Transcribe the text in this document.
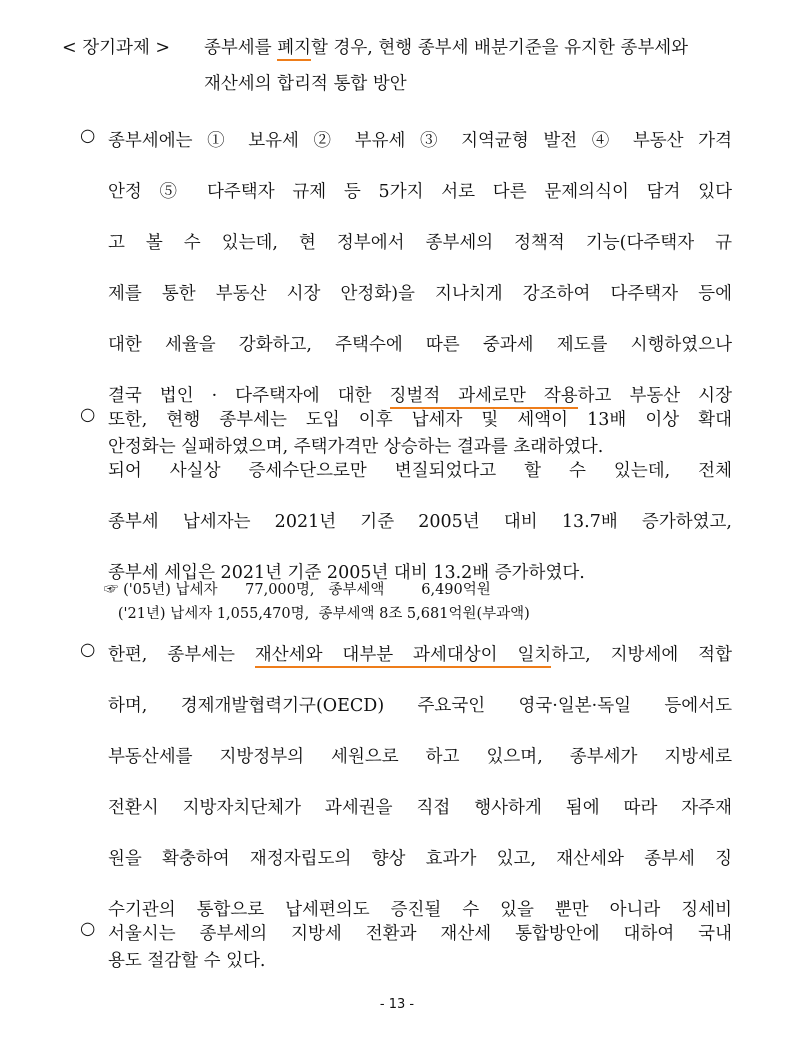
< 장기과제 > 종부세를 폐지할 경우, 현행 종부세 배분기준을 유지한 종부세와
재산세의 합리적 통합 방안
○ 종부세에는 ① 보유세 ② 부유세 ③ 지역균형 발전 ④ 부동산 가격
안정 ⑤ 다주택자 규제 등 5가지 서로 다른 문제의식이 담겨 있다
고 볼 수 있는데, 현 정부에서 종부세의 정책적 기능(다주택자 규
제를 통한 부동산 시장 안정화)을 지나치게 강조하여 다주택자 등에
대한 세율을 강화하고, 주택수에 따른 중과세 제도를 시행하였으나
결국 법인 · 다주택자에 대한 징벌적 과세로만 작용하고 부동산 시장
안정화는 실패하였으며, 주택가격만 상승하는 결과를 초래하였다.
○ 또한, 현행 종부세는 도입 이후 납세자 및 세액이 13배 이상 확대
되어 사실상 증세수단으로만 변질되었다고 할 수 있는데, 전체
종부세 납세자는 2021년 기준 2005년 대비 13.7배 증가하였고,
종부세 세입은 2021년 기준 2005년 대비 13.2배 증가하였다.
☞ ('05년) 납세자      77,000명,   종부세액        6,490억원
('21년) 납세자 1,055,470명,  종부세액 8조 5,681억원(부과액)
○ 한편, 종부세는 재산세와 대부분 과세대상이 일치하고, 지방세에 적합
하며, 경제개발협력기구(OECD) 주요국인 영국·일본·독일 등에서도
부동산세를 지방정부의 세원으로 하고 있으며, 종부세가 지방세로
전환시 지방자치단체가 과세권을 직접 행사하게 됨에 따라 자주재
원을 확충하여 재정자립도의 향상 효과가 있고, 재산세와 종부세 징
수기관의 통합으로 납세편의도 증진될 수 있을 뿐만 아니라 징세비
용도 절감할 수 있다.
○ 서울시는 종부세의 지방세 전환과 재산세 통합방안에 대하여 국내
- 13 -
